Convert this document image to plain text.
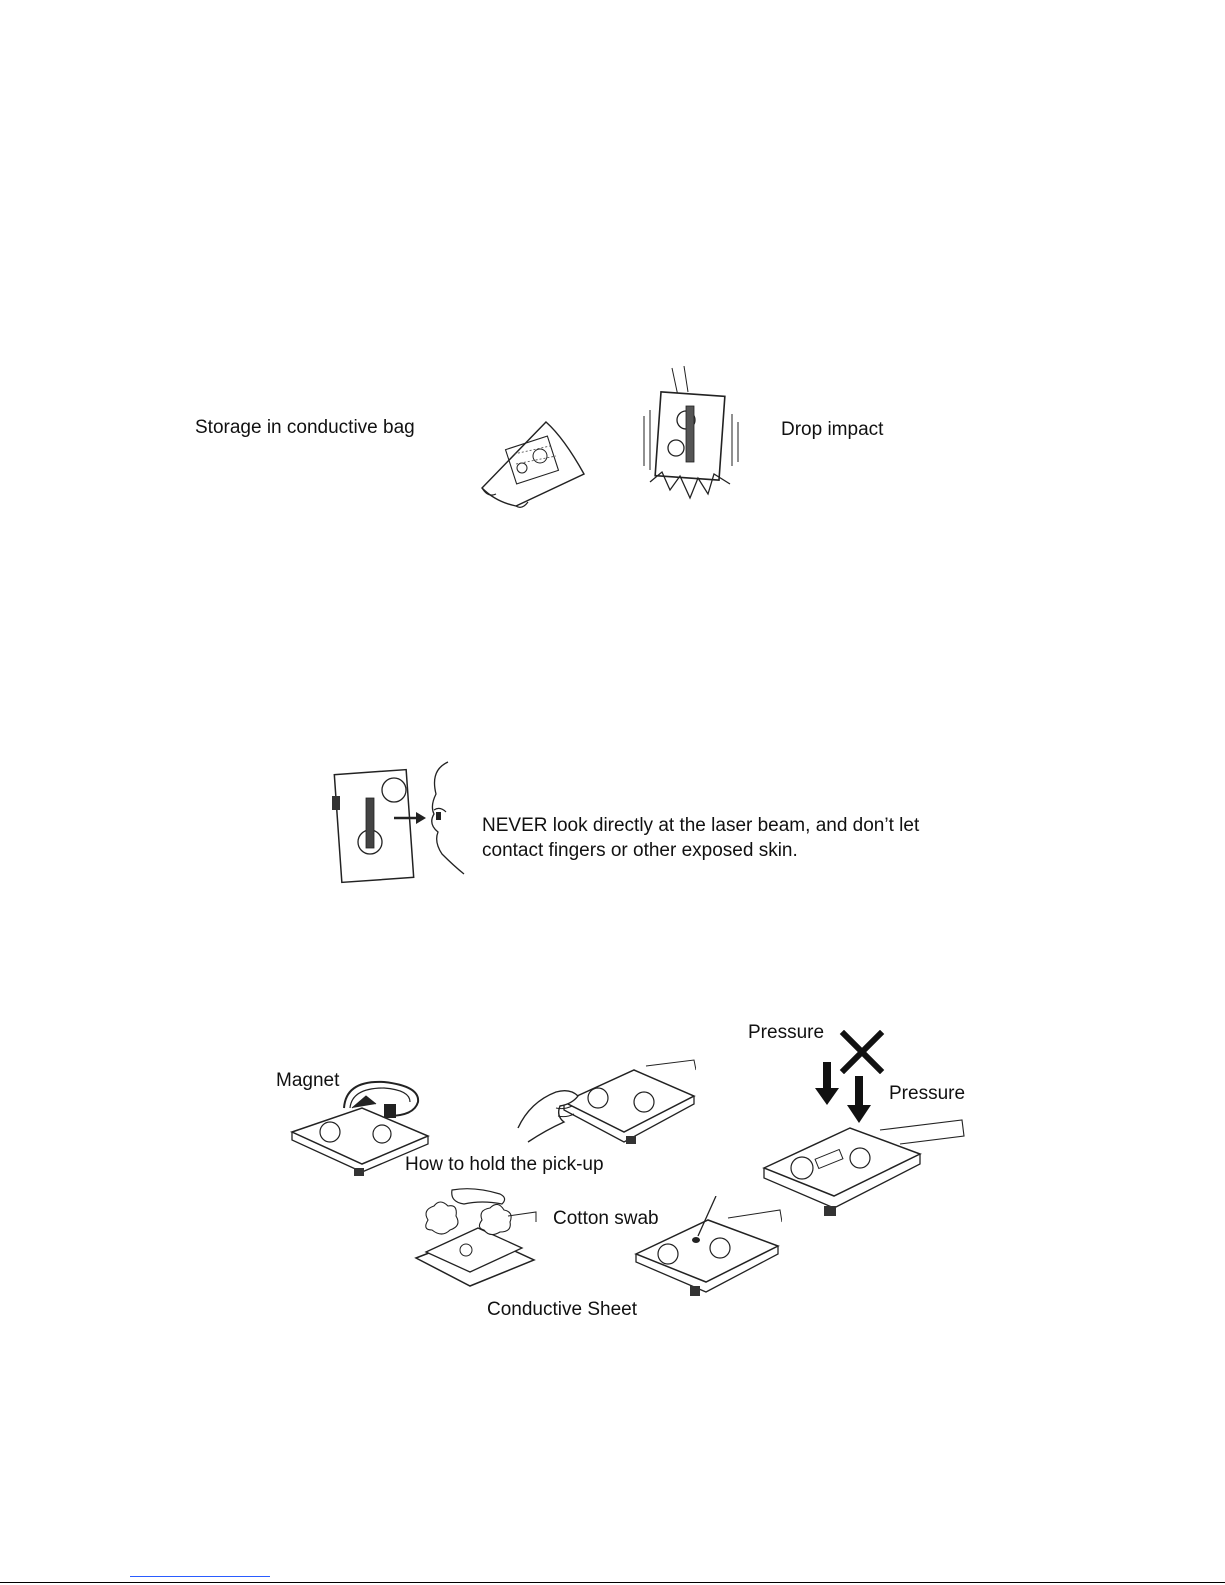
Storage in conductive bag	Drop impact
NEVER look directly at the laser beam, and don’t let
contact fingers or other exposed skin.
Magnet
How to hold the pick-up
Pressure
Pressure
Cotton swab
Conductive Sheet
